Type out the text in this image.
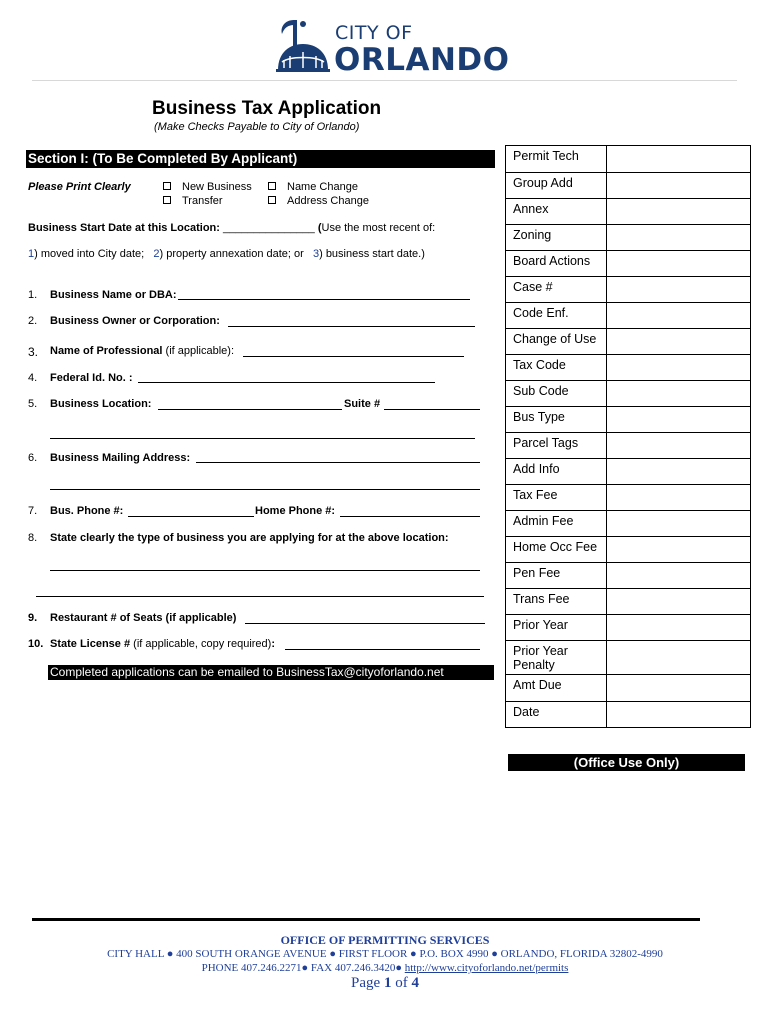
CITY OF
ORLANDO
Business Tax Application
(Make Checks Payable to City of Orlando)
Section I: (To Be Completed By Applicant)
Please Print Clearly	New Business	Name Change
Transfer	Address Change
Business Start Date at this Location: _______________ (Use the most recent of:
1) moved into City date; 2) property annexation date; or 3) business start date.)
1. Business Name or DBA:
2. Business Owner or Corporation:
3. Name of Professional (if applicable):
4. Federal Id. No. :
5. Business Location:	Suite #
6. Business Mailing Address:
7. Bus. Phone #:	Home Phone #:
8. State clearly the type of business you are applying for at the above location:
9. Restaurant # of Seats (if applicable)
10. State License # (if applicable, copy required):
Completed applications can be emailed to BusinessTax@cityoforlando.net
Permit Tech	
Group Add	
Annex	
Zoning	
Board Actions	
Case #	
Code Enf.	
Change of Use	
Tax Code	
Sub Code	
Bus Type	
Parcel Tags	
Add Info	
Tax Fee	
Admin Fee	
Home Occ Fee	
Pen Fee	
Trans Fee	
Prior Year	
Prior Year Penalty	
Amt Due	
Date	
(Office Use Only)
OFFICE OF PERMITTING SERVICES
CITY HALL ● 400 SOUTH ORANGE AVENUE ● FIRST FLOOR ● P.O. BOX 4990 ● ORLANDO, FLORIDA 32802-4990
PHONE 407.246.2271● FAX 407.246.3420● http://www.cityoforlando.net/permits
Page 1 of 4
